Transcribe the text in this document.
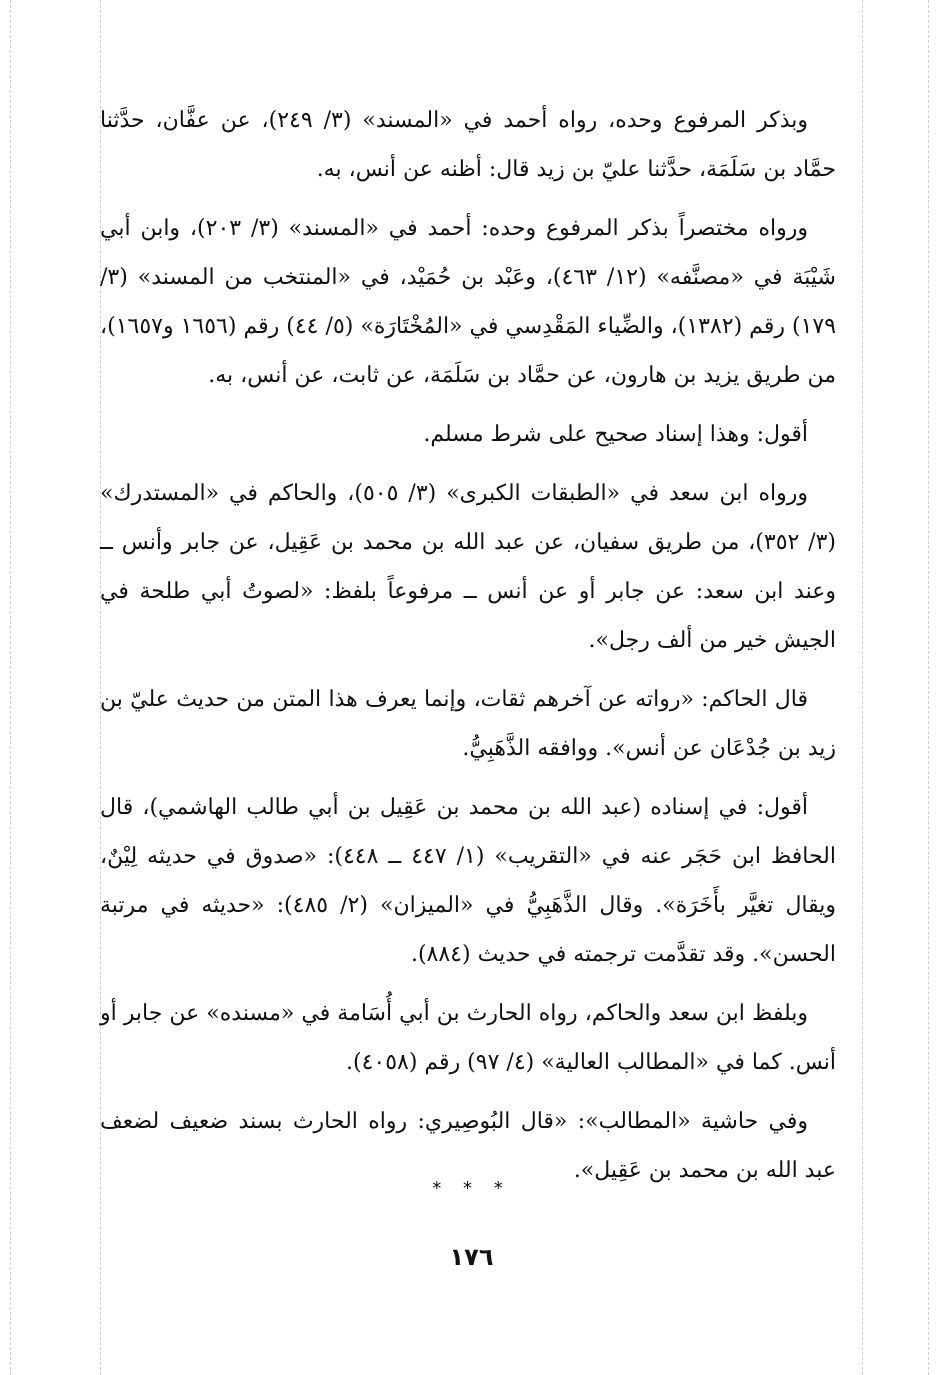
وبذكر المرفوع وحده، رواه أحمد في «المسند» (٣/ ٢٤٩)، عن عفَّان، حدَّثنا حمَّاد بن سَلَمَة، حدَّثنا عليّ بن زيد قال: أظنه عن أنس، به.

ورواه مختصراً بذكر المرفوع وحده: أحمد في «المسند» (٣/ ٢٠٣)، وابن أبي شَيْبَة في «مصنَّفه» (١٢/ ٤٦٣)، وعَبْد بن حُمَيْد، في «المنتخب من المسند» (٣/ ١٧٩) رقم (١٣٨٢)، والضِّياء المَقْدِسي في «المُخْتَارَة» (٥/ ٤٤) رقم (١٦٥٦ و١٦٥٧)، من طريق يزيد بن هارون، عن حمَّاد بن سَلَمَة، عن ثابت، عن أنس، به.

أقول: وهذا إسناد صحيح على شرط مسلم.

ورواه ابن سعد في «الطبقات الكبرى» (٣/ ٥٠٥)، والحاكم في «المستدرك» (٣/ ٣٥٢)، من طريق سفيان، عن عبد الله بن محمد بن عَقِيل، عن جابر وأنس ــ وعند ابن سعد: عن جابر أو عن أنس ــ مرفوعاً بلفظ: «لصوتُ أبي طلحة في الجيش خير من ألف رجل».

قال الحاكم: «رواته عن آخرهم ثقات، وإنما يعرف هذا المتن من حديث عليّ بن زيد بن جُدْعَان عن أنس». ووافقه الذَّهَبِيُّ.

أقول: في إسناده (عبد الله بن محمد بن عَقِيل بن أبي طالب الهاشمي)، قال الحافظ ابن حَجَر عنه في «التقريب» (١/ ٤٤٧ ــ ٤٤٨): «صدوق في حديثه لِيْنٌ، ويقال تغيَّر بأَخَرَة». وقال الذَّهَبِيُّ في «الميزان» (٢/ ٤٨٥): «حديثه في مرتبة الحسن». وقد تقدَّمت ترجمته في حديث (٨٨٤).

وبلفظ ابن سعد والحاكم، رواه الحارث بن أبي أُسَامة في «مسنده» عن جابر أو أنس. كما في «المطالب العالية» (٤/ ٩٧) رقم (٤٠٥٨).

وفي حاشية «المطالب»: «قال البُوصِيري: رواه الحارث بسند ضعيف لضعف عبد الله بن محمد بن عَقِيل».

* * *
١٧٦
